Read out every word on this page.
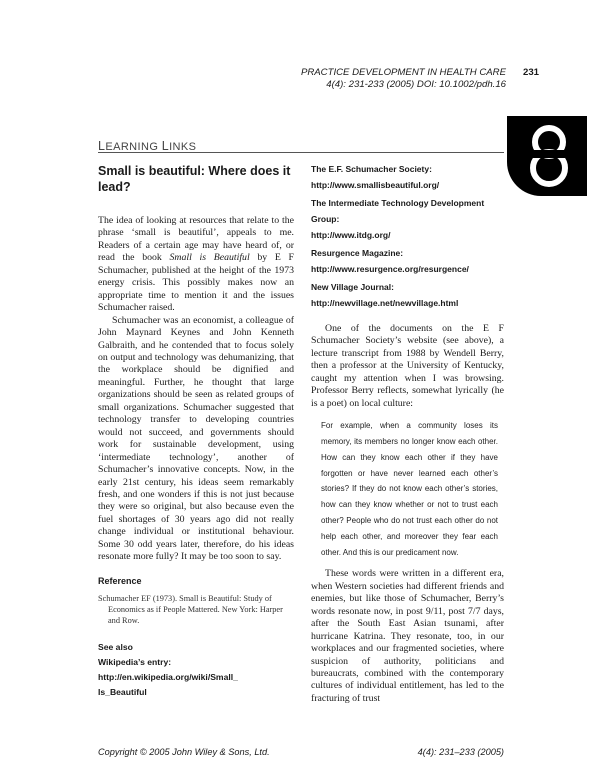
PRACTICE DEVELOPMENT IN HEALTH CARE
4(4): 231-233 (2005) DOI: 10.1002/pdh.16
231
LEARNING LINKS
Small is beautiful: Where does it lead?

The idea of looking at resources that relate to the phrase ‘small is beautiful’, appeals to me. Readers of a certain age may have heard of, or read the book Small is Beautiful by E F Schumacher, published at the height of the 1973 energy crisis. This possibly makes now an appropriate time to mention it and the issues Schumacher raised.

Schumacher was an economist, a colleague of John Maynard Keynes and John Kenneth Galbraith, and he contended that to focus solely on output and technology was dehumanizing, that the workplace should be dignified and meaningful. Further, he thought that large organizations should be seen as related groups of small organizations. Schumacher suggested that technology transfer to developing countries would not succeed, and governments should work for sustainable development, using ‘intermediate technology’, another of Schumacher’s innovative concepts. Now, in the early 21st century, his ideas seem remarkably fresh, and one wonders if this is not just because they were so original, but also because even the fuel shortages of 30 years ago did not really change individual or institutional behaviour. Some 30 odd years later, therefore, do his ideas resonate more fully? It may be too soon to say.

Reference
Schumacher EF (1973). Small is Beautiful: Study of Economics as if People Mattered. New York: Harper and Row.
See also
Wikipedia’s entry:
http://en.wikipedia.org/wiki/Small_
Is_Beautiful
The E.F. Schumacher Society:
http://www.smallisbeautiful.org/
The Intermediate Technology Development Group:
http://www.itdg.org/
Resurgence Magazine:
http://www.resurgence.org/resurgence/
New Village Journal:
http://newvillage.net/newvillage.html

One of the documents on the E F Schumacher Society’s website (see above), a lecture transcript from 1988 by Wendell Berry, then a professor at the University of Kentucky, caught my attention when I was browsing. Professor Berry reflects, somewhat lyrically (he is a poet) on local culture:

For example, when a community loses its memory, its members no longer know each other. How can they know each other if they have forgotten or have never learned each other’s stories? If they do not know each other’s stories, how can they know whether or not to trust each other? People who do not trust each other do not help each other, and moreover they fear each other. And this is our predicament now.

These words were written in a different era, when Western societies had different friends and enemies, but like those of Schumacher, Berry’s words resonate now, in post 9/11, post 7/7 days, after the South East Asian tsunami, after hurricane Katrina. They resonate, too, in our workplaces and our fragmented societies, where suspicion of authority, politicians and bureaucrats, combined with the contemporary cultures of individual entitlement, has led to the fracturing of trust

Copyright © 2005 John Wiley & Sons, Ltd.	4(4): 231–233 (2005)
